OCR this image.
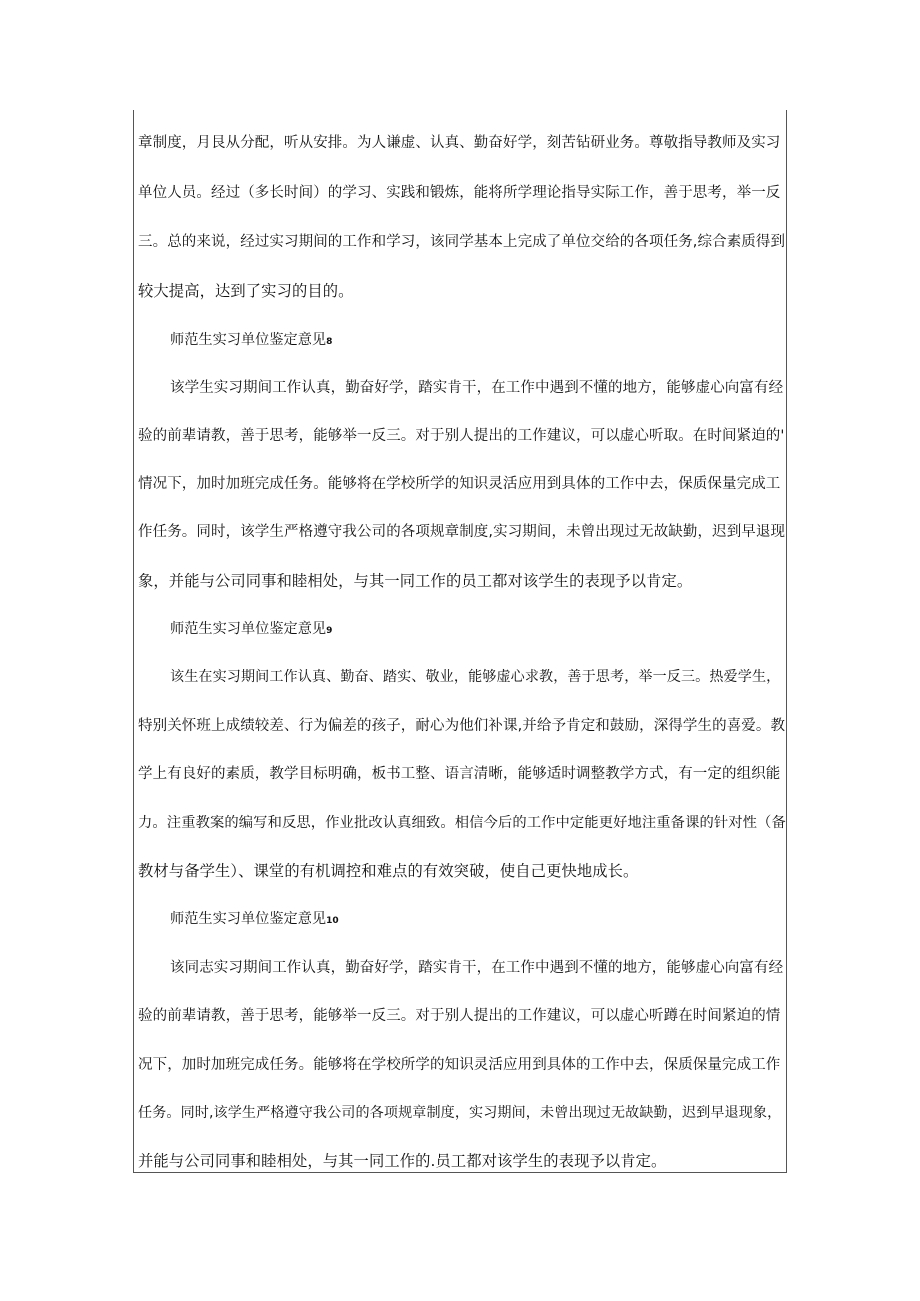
章制度，月艮从分配，听从安排。为人谦虚、认真、勤奋好学，刻苦钻研业务。尊敬指导教师及实习
单位人员。经过（多长时间）的学习、实践和锻炼，能将所学理论指导实际工作，善于思考，举一反
三。总的来说，经过实习期间的工作和学习，该同学基本上完成了单位交给的各项任务,综合素质得到
较大提高，达到了实习的目的。
师范生实习单位鉴定意见8
该学生实习期间工作认真，勤奋好学，踏实肯干，在工作中遇到不懂的地方，能够虚心向富有经
验的前辈请教，善于思考，能够举一反三。对于别人提出的工作建议，可以虚心听取。在时间紧迫的'
情况下，加时加班完成任务。能够将在学校所学的知识灵活应用到具体的工作中去，保质保量完成工
作任务。同时，该学生严格遵守我公司的各项规章制度,实习期间，未曾出现过无故缺勤，迟到早退现
象，并能与公司同事和睦相处，与其一同工作的员工都对该学生的表现予以肯定。
师范生实习单位鉴定意见9
该生在实习期间工作认真、勤奋、踏实、敬业，能够虚心求教，善于思考，举一反三。热爱学生，
特别关怀班上成绩较差、行为偏差的孩子，耐心为他们补课,并给予肯定和鼓励，深得学生的喜爱。教
学上有良好的素质，教学目标明确，板书工整、语言清晰，能够适时调整教学方式，有一定的组织能
力。注重教案的编写和反思，作业批改认真细致。相信今后的工作中定能更好地注重备课的针对性（备
教材与备学生）、课堂的有机调控和难点的有效突破，使自己更快地成长。
师范生实习单位鉴定意见10
该同志实习期间工作认真，勤奋好学，踏实肯干，在工作中遇到不懂的地方，能够虚心向富有经
验的前辈请教，善于思考，能够举一反三。对于别人提出的工作建议，可以虚心听蹲在时间紧迫的情
况下，加时加班完成任务。能够将在学校所学的知识灵活应用到具体的工作中去，保质保量完成工作
任务。同时,该学生严格遵守我公司的各项规章制度，实习期间，未曾出现过无故缺勤，迟到早退现象，
并能与公司同事和睦相处，与其一同工作的.员工都对该学生的表现予以肯定。
